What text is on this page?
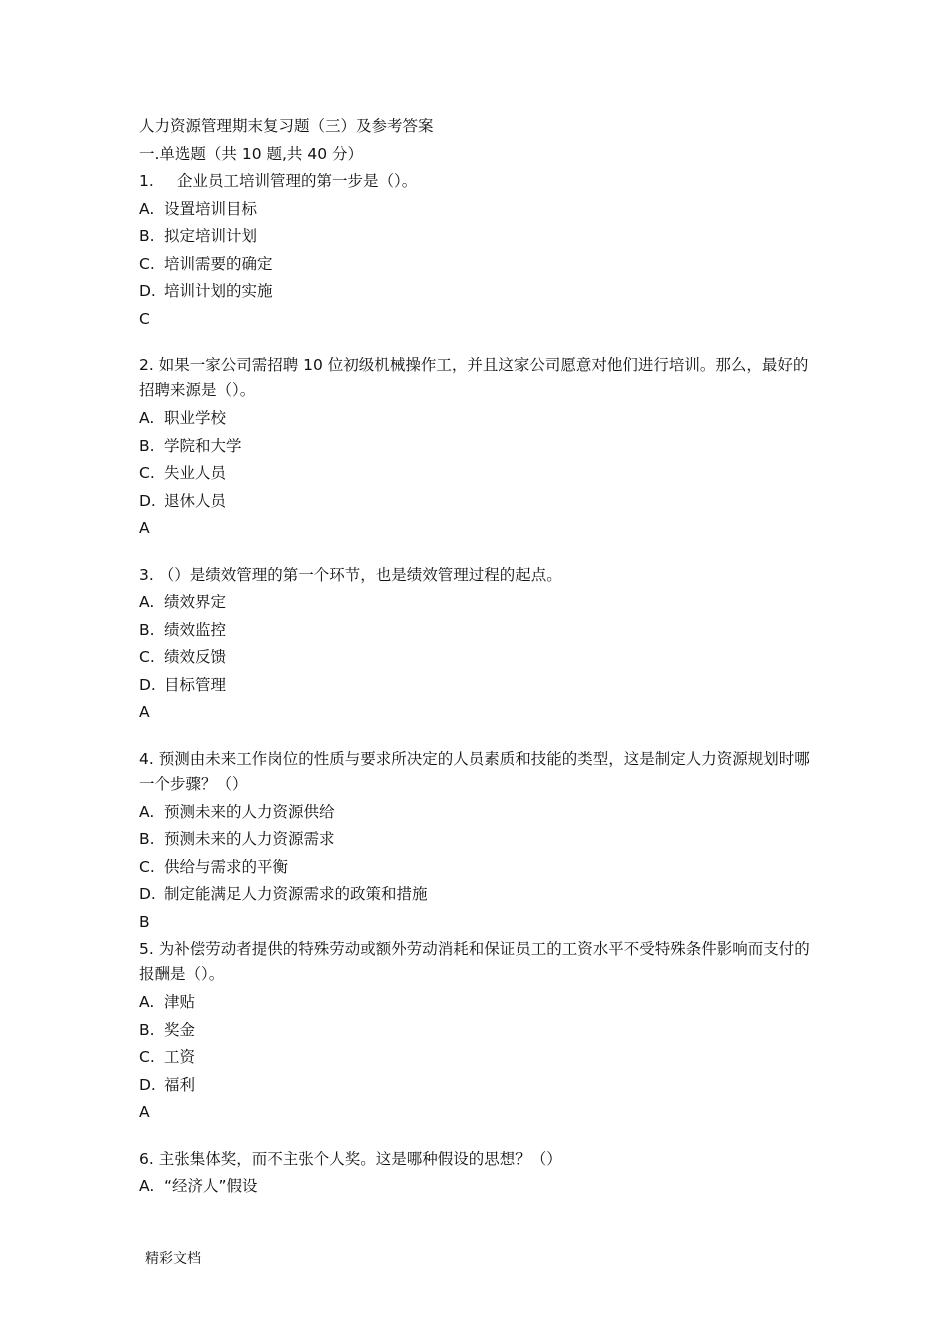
人力资源管理期末复习题（三）及参考答案
一.单选题（共 10 题,共 40 分）
1. 企业员工培训管理的第一步是（）。
A. 设置培训目标
B. 拟定培训计划
C. 培训需要的确定
D. 培训计划的实施
C
2. 如果一家公司需招聘 10 位初级机械操作工，并且这家公司愿意对他们进行培训。那么，最好的招聘来源是（）。
A. 职业学校
B. 学院和大学
C. 失业人员
D. 退休人员
A
3. （）是绩效管理的第一个环节，也是绩效管理过程的起点。
A. 绩效界定
B. 绩效监控
C. 绩效反馈
D. 目标管理
A
4. 预测由未来工作岗位的性质与要求所决定的人员素质和技能的类型，这是制定人力资源规划时哪一个步骤？（）
A. 预测未来的人力资源供给
B. 预测未来的人力资源需求
C. 供给与需求的平衡
D. 制定能满足人力资源需求的政策和措施
B
5. 为补偿劳动者提供的特殊劳动或额外劳动消耗和保证员工的工资水平不受特殊条件影响而支付的报酬是（）。
A. 津贴
B. 奖金
C. 工资
D. 福利
A
6. 主张集体奖，而不主张个人奖。这是哪种假设的思想？（）
A. “经济人”假设
精彩文档
